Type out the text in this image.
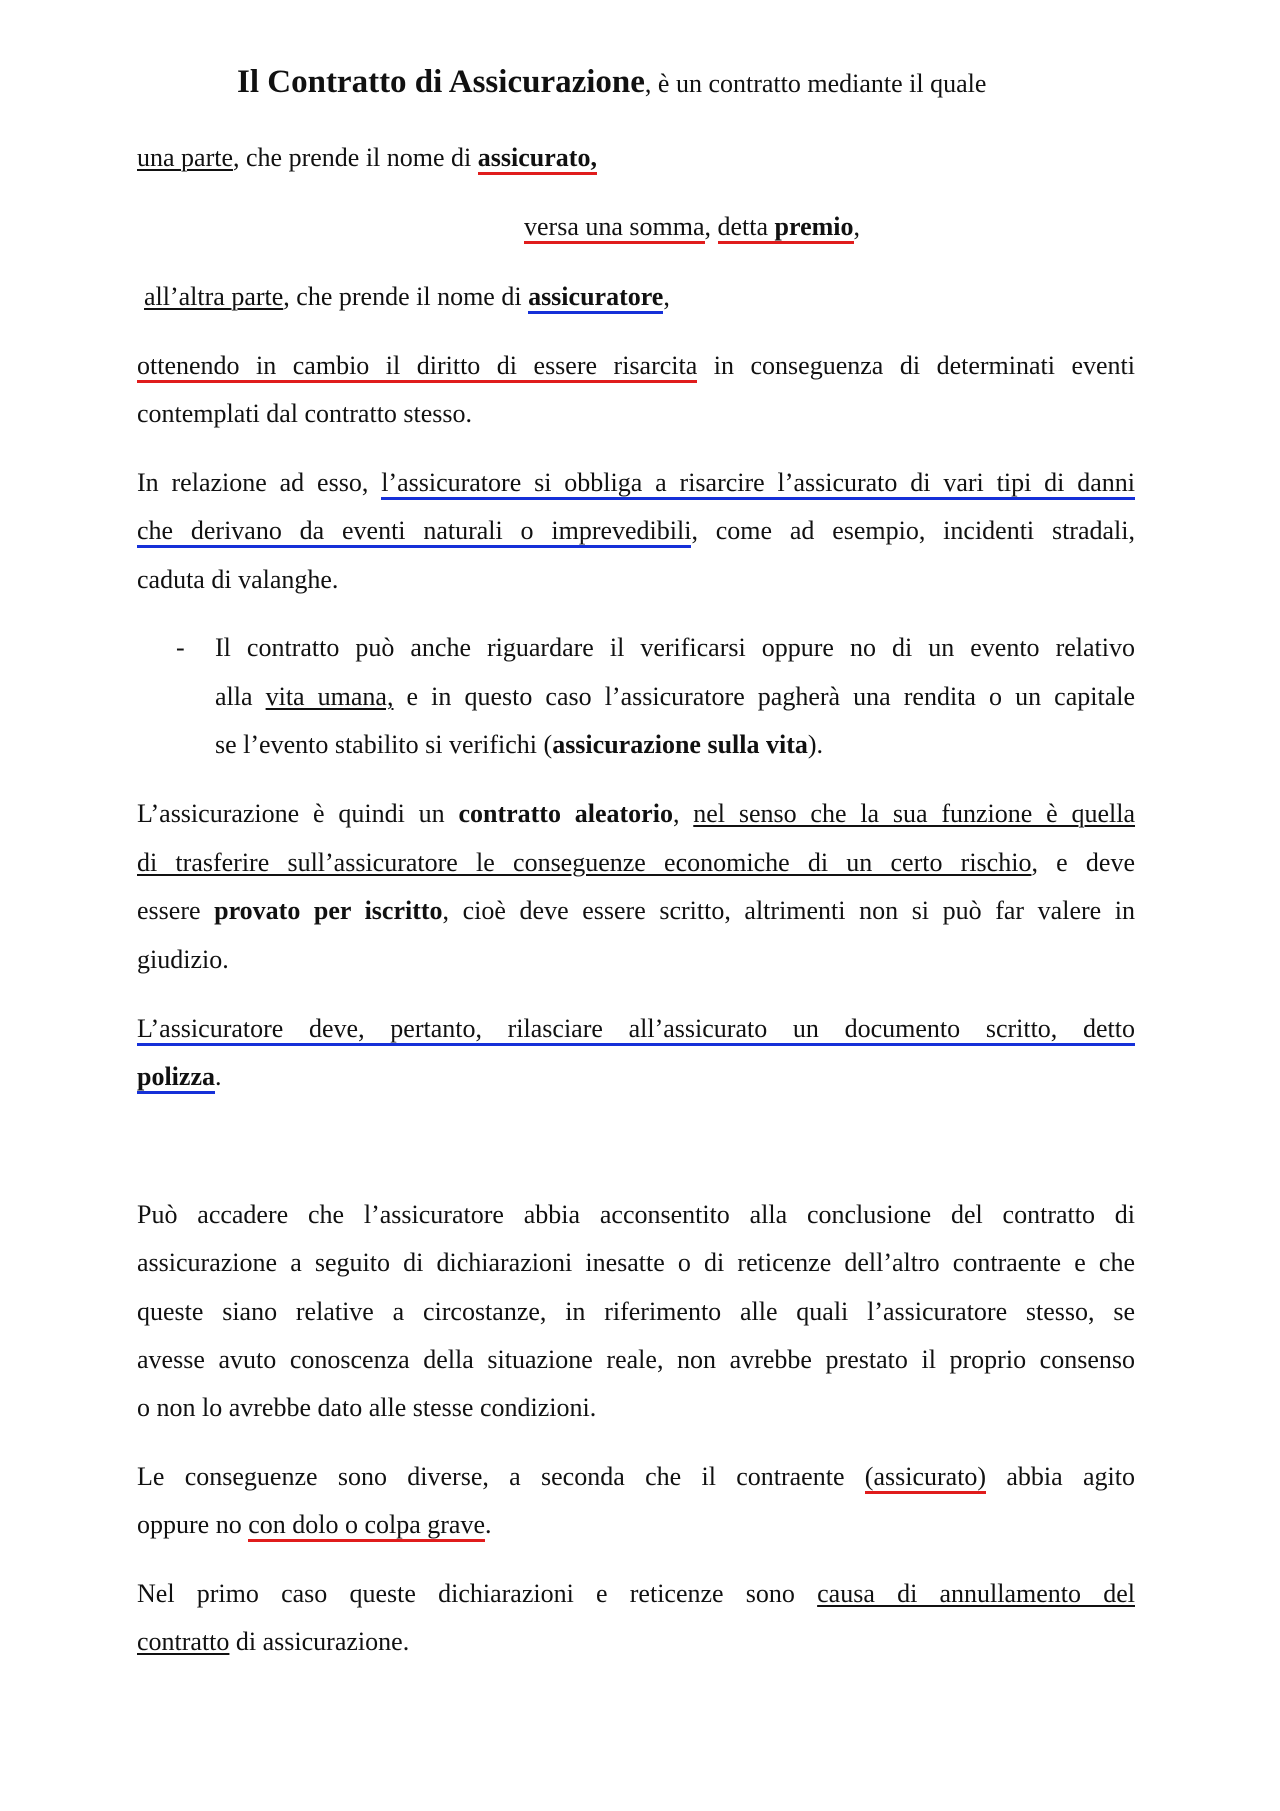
Il Contratto di Assicurazione, è un contratto mediante il quale
una parte, che prende il nome di assicurato,
versa una somma, detta premio,
all’altra parte, che prende il nome di assicuratore,
ottenendo in cambio il diritto di essere risarcita in conseguenza di determinati eventi
contemplati dal contratto stesso.
In relazione ad esso, l’assicuratore si obbliga a risarcire l’assicurato di vari tipi di danni
che derivano da eventi naturali o imprevedibili, come ad esempio, incidenti stradali,
caduta di valanghe.
- Il contratto può anche riguardare il verificarsi oppure no di un evento relativo
alla vita umana, e in questo caso l’assicuratore pagherà una rendita o un capitale
se l’evento stabilito si verifichi (assicurazione sulla vita).
L’assicurazione è quindi un contratto aleatorio, nel senso che la sua funzione è quella
di trasferire sull’assicuratore le conseguenze economiche di un certo rischio, e deve
essere provato per iscritto, cioè deve essere scritto, altrimenti non si può far valere in
giudizio.
L’assicuratore deve, pertanto, rilasciare all’assicurato un documento scritto, detto
polizza.
Può accadere che l’assicuratore abbia acconsentito alla conclusione del contratto di
assicurazione a seguito di dichiarazioni inesatte o di reticenze dell’altro contraente e che
queste siano relative a circostanze, in riferimento alle quali l’assicuratore stesso, se
avesse avuto conoscenza della situazione reale, non avrebbe prestato il proprio consenso
o non lo avrebbe dato alle stesse condizioni.
Le conseguenze sono diverse, a seconda che il contraente (assicurato) abbia agito
oppure no con dolo o colpa grave.
Nel primo caso queste dichiarazioni e reticenze sono causa di annullamento del
contratto di assicurazione.
